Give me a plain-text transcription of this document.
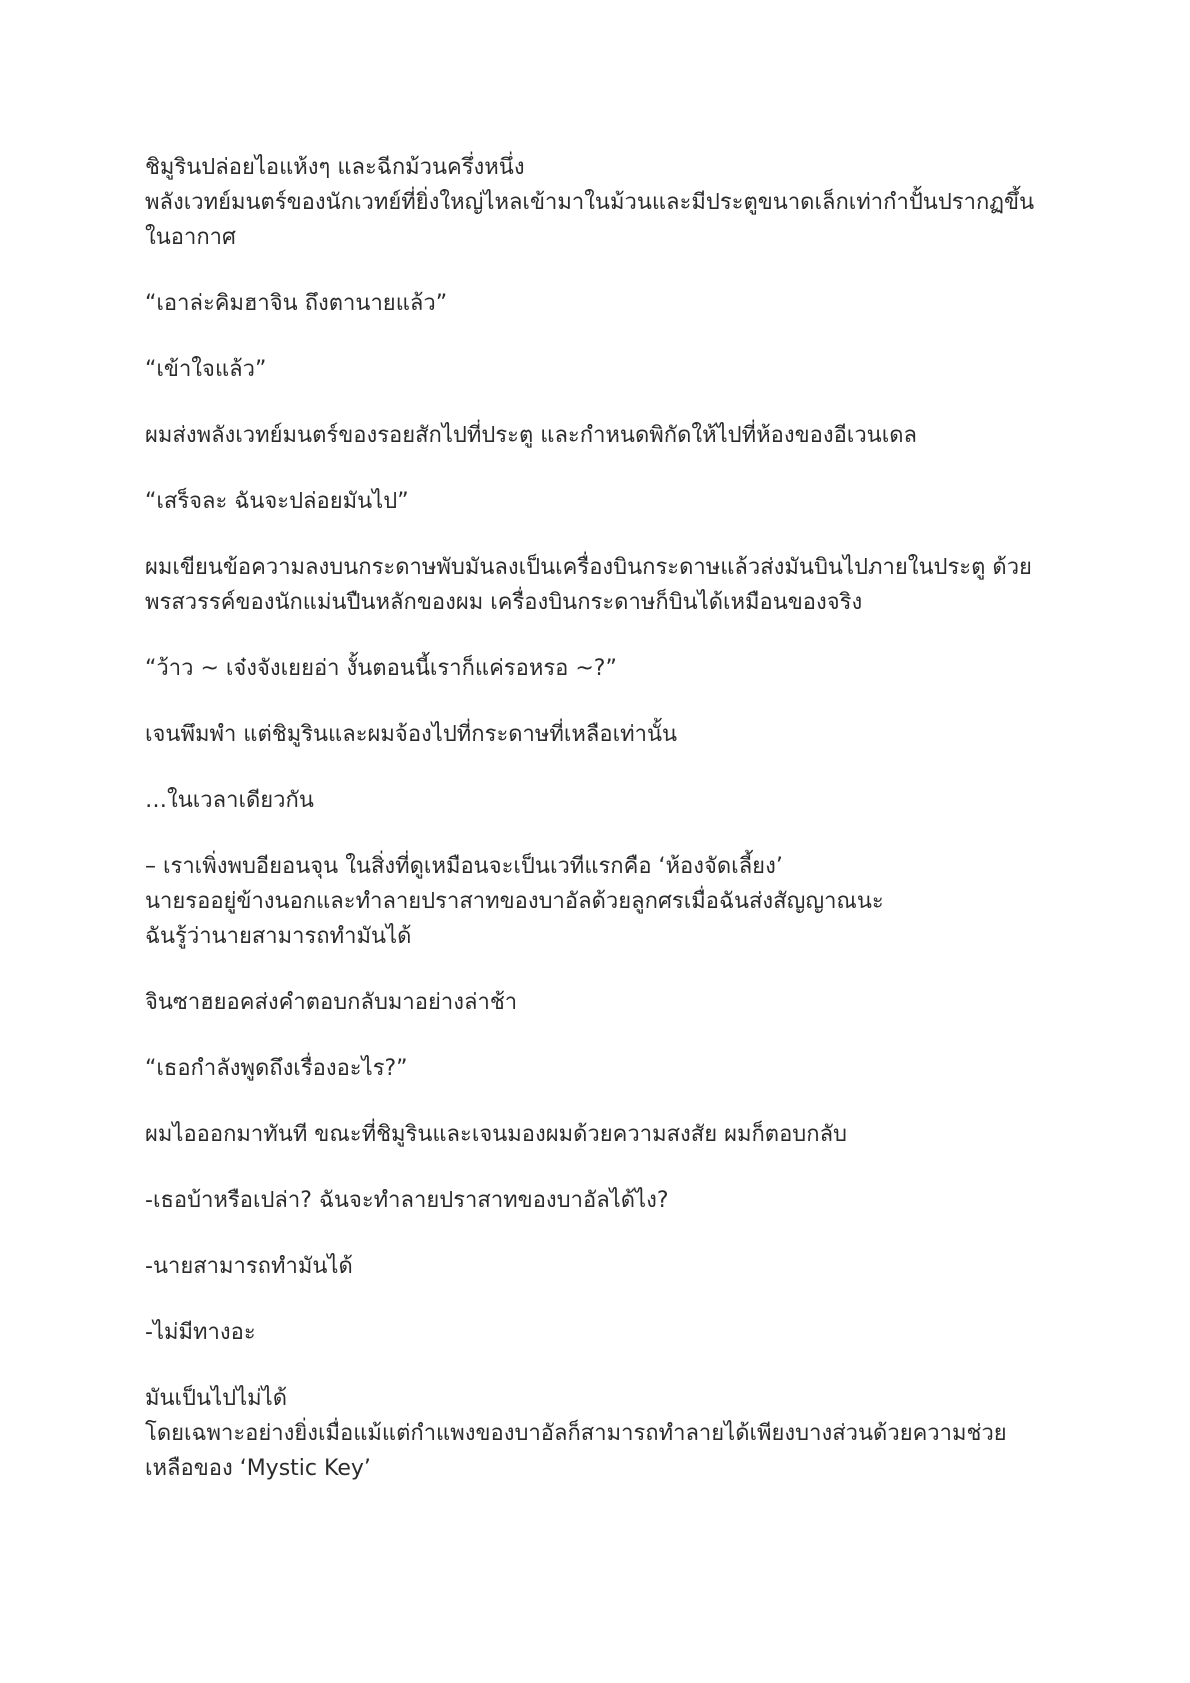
ชิมูรินปล่อยไอแห้งๆ และฉีกม้วนครึ่งหนึ่ง
พลังเวทย์มนตร์ของนักเวทย์ที่ยิ่งใหญ่ไหลเข้ามาในม้วนและมีประตูขนาดเล็กเท่ากำปั้นปรากฏขึ้นในอากาศ

“เอาล่ะคิมฮาจิน ถึงตานายแล้ว”

“เข้าใจแล้ว”

ผมส่งพลังเวทย์มนตร์ของรอยสักไปที่ประตู และกำหนดพิกัดให้ไปที่ห้องของอีเวนเดล

“เสร็จละ ฉันจะปล่อยมันไป”

ผมเขียนข้อความลงบนกระดาษพับมันลงเป็นเครื่องบินกระดาษแล้วส่งมันบินไปภายในประตู ด้วยพรสวรรค์ของนักแม่นปืนหลักของผม เครื่องบินกระดาษก็บินได้เหมือนของจริง

“ว้าว ~ เจ๋งจังเยยอ่า งั้นตอนนี้เราก็แค่รอหรอ ~?”

เจนพึมพำ แต่ชิมูรินและผมจ้องไปที่กระดาษที่เหลือเท่านั้น

…ในเวลาเดียวกัน

– เราเพิ่งพบอียอนจุน ในสิ่งที่ดูเหมือนจะเป็นเวทีแรกคือ ‘ห้องจัดเลี้ยง’
นายรออยู่ข้างนอกและทำลายปราสาทของบาอัลด้วยลูกศรเมื่อฉันส่งสัญญาณนะ
ฉันรู้ว่านายสามารถทำมันได้

จินซาฮยอคส่งคำตอบกลับมาอย่างล่าช้า

“เธอกำลังพูดถึงเรื่องอะไร?”

ผมไอออกมาทันที ขณะที่ชิมูรินและเจนมองผมด้วยความสงสัย ผมก็ตอบกลับ

-เธอบ้าหรือเปล่า? ฉันจะทำลายปราสาทของบาอัลได้ไง?

-นายสามารถทำมันได้

-ไม่มีทางอะ

มันเป็นไปไม่ได้
โดยเฉพาะอย่างยิ่งเมื่อแม้แต่กำแพงของบาอัลก็สามารถทำลายได้เพียงบางส่วนด้วยความช่วยเหลือของ ‘Mystic Key’
